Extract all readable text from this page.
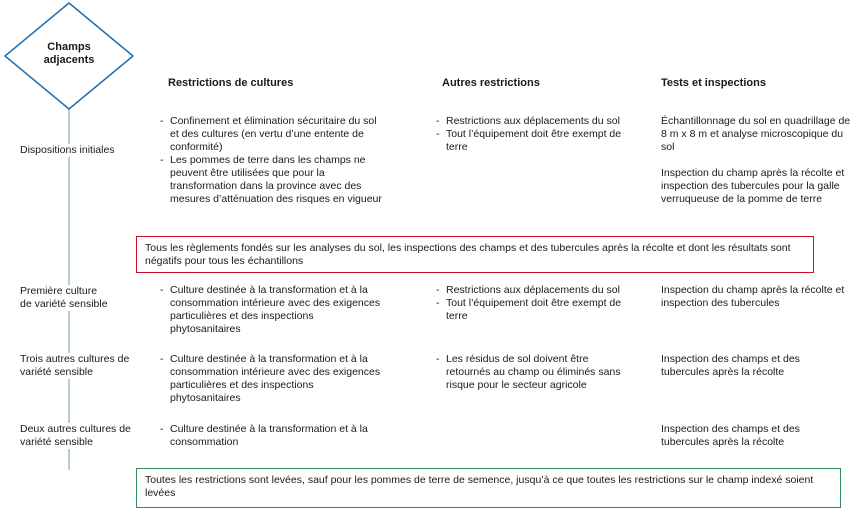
Champs
adjacents
Restrictions de cultures	Autres restrictions	Tests et inspections
Dispositions initiales
- Confinement et élimination sécuritaire du sol et des cultures (en vertu d’une entente de conformité)
- Les pommes de terre dans les champs ne peuvent être utilisées que pour la transformation dans la province avec des mesures d’atténuation des risques en vigueur
- Restrictions aux déplacements du sol
- Tout l’équipement doit être exempt de terre

Échantillonnage du sol en quadrillage de 8 m x 8 m et analyse microscopique du sol

Inspection du champ après la récolte et inspection des tubercules pour la galle verruqueuse de la pomme de terre

Tous les règlements fondés sur les analyses du sol, les inspections des champs et des tubercules après la récolte et dont les résultats sont négatifs pour tous les échantillons
Première culture
de variété sensible
- Culture destinée à la transformation et à la consommation intérieure avec des exigences particulières et des inspections phytosanitaires
- Restrictions aux déplacements du sol
- Tout l’équipement doit être exempt de terre

Inspection du champ après la récolte et inspection des tubercules

Trois autres cultures de
variété sensible
- Culture destinée à la transformation et à la consommation intérieure avec des exigences particulières et des inspections phytosanitaires
- Les résidus de sol doivent être retournés au champ ou éliminés sans risque pour le secteur agricole

Inspection des champs et des tubercules après la récolte

Deux autres cultures de
variété sensible
- Culture destinée à la transformation et à la consommation

Inspection des champs et des tubercules après la récolte

Toutes les restrictions sont levées, sauf pour les pommes de terre de semence, jusqu’à ce que toutes les restrictions sur le champ indexé soient levées
